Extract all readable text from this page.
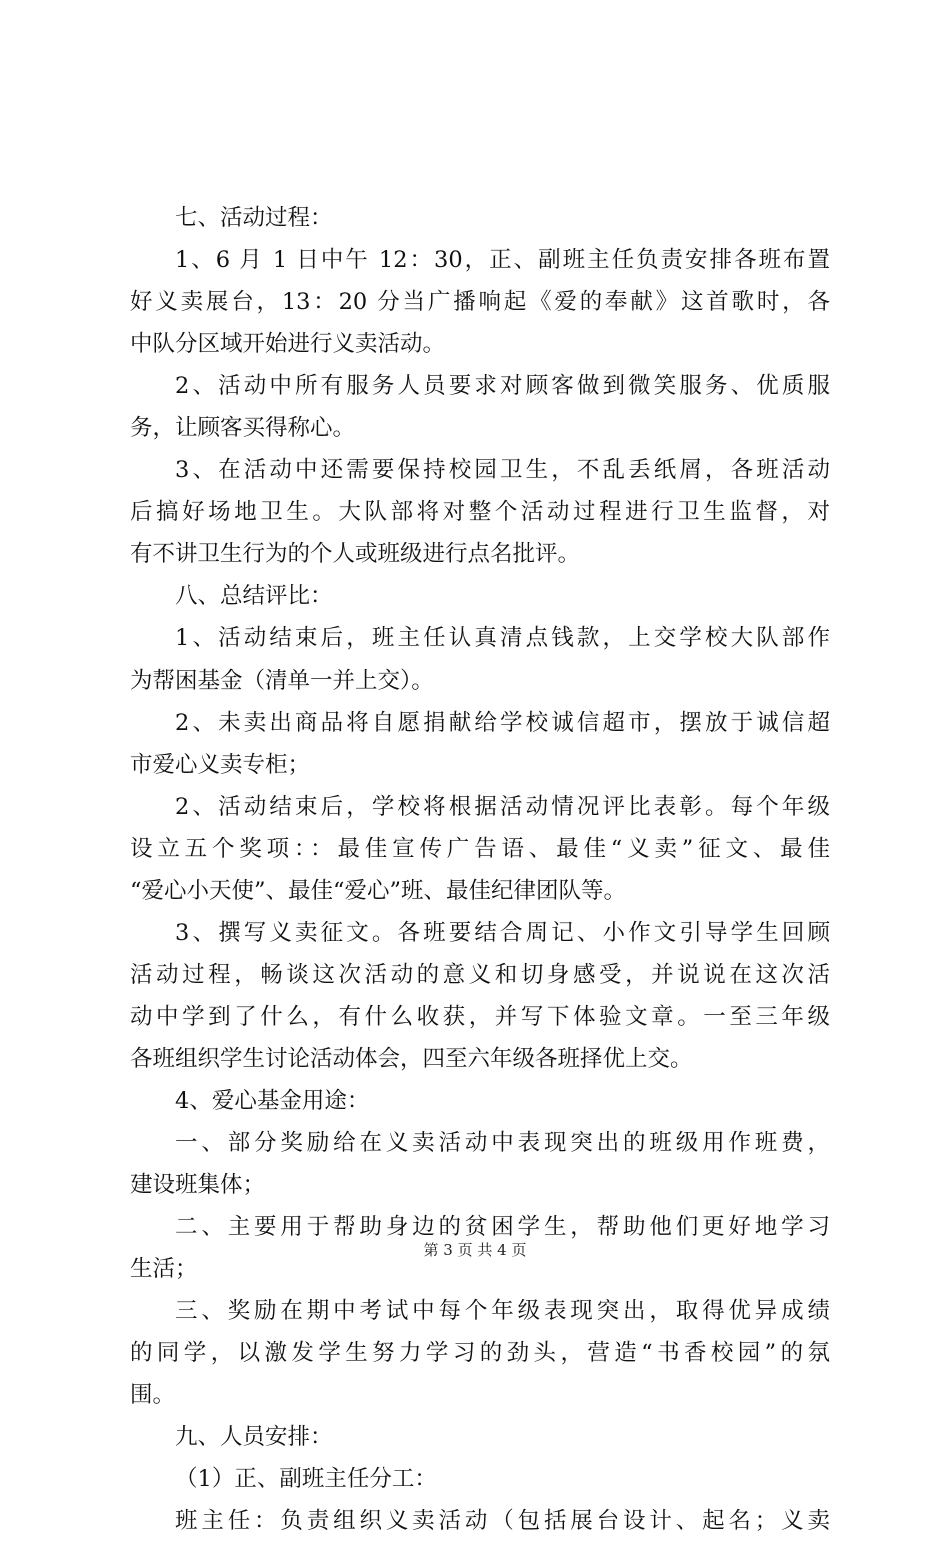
七、活动过程：
1、6 月 1 日中午 12：30，正、副班主任负责安排各班布置
好义卖展台，13：20 分当广播响起《爱的奉献》这首歌时，各
中队分区域开始进行义卖活动。
2、活动中所有服务人员要求对顾客做到微笑服务、优质服
务，让顾客买得称心。
3、在活动中还需要保持校园卫生，不乱丢纸屑，各班活动
后搞好场地卫生。大队部将对整个活动过程进行卫生监督，对
有不讲卫生行为的个人或班级进行点名批评。
八、总结评比：
1、活动结束后，班主任认真清点钱款，上交学校大队部作
为帮困基金（清单一并上交）。
2、未卖出商品将自愿捐献给学校诚信超市，摆放于诚信超
市爱心义卖专柜；
2、活动结束后，学校将根据活动情况评比表彰。每个年级
设立五个奖项：：最佳宣传广告语、最佳“义卖”征文、最佳
“爱心小天使”、最佳“爱心”班、最佳纪律团队等。
3、撰写义卖征文。各班要结合周记、小作文引导学生回顾
活动过程，畅谈这次活动的意义和切身感受，并说说在这次活
动中学到了什么，有什么收获，并写下体验文章。一至三年级
各班组织学生讨论活动体会，四至六年级各班择优上交。
4、爱心基金用途：
一、部分奖励给在义卖活动中表现突出的班级用作班费，
建设班集体；
二、主要用于帮助身边的贫困学生，帮助他们更好地学习
生活；
三、奖励在期中考试中每个年级表现突出，取得优异成绩
的同学，以激发学生努力学习的劲头，营造“书香校园”的氛
围。
九、人员安排：
（1）正、副班主任分工：
班主任：负责组织义卖活动（包括展台设计、起名；义卖
第 3 页 共 4 页
